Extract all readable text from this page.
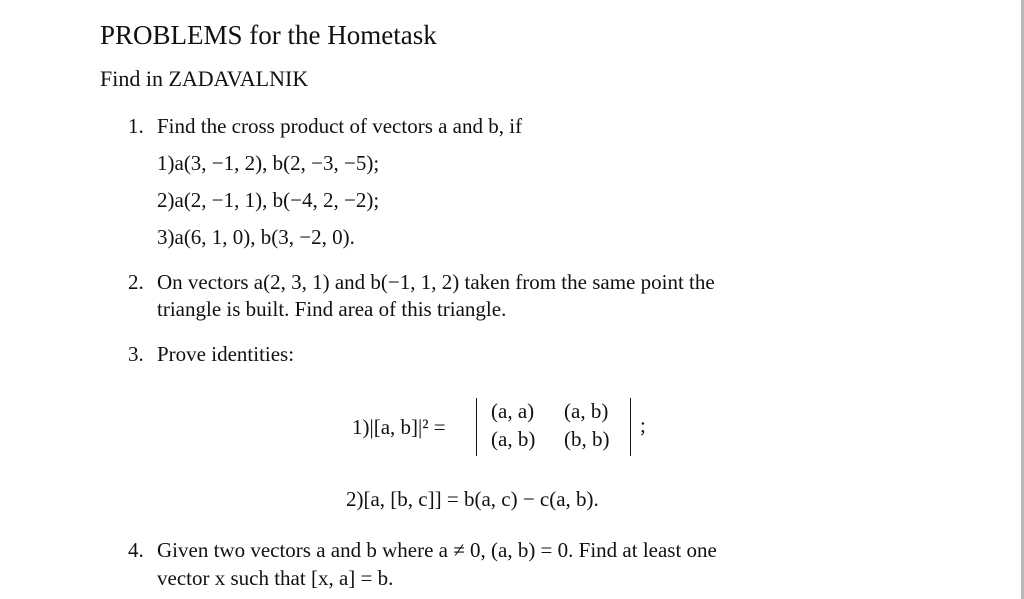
PROBLEMS for the Hometask
Find in ZADAVALNIK
1. Find the cross product of vectors a and b, if
1)a(3, −1, 2), b(2, −3, −5);
2)a(2, −1, 1), b(−4, 2, −2);
3)a(6, 1, 0), b(3, −2, 0).
2. On vectors a(2, 3, 1) and b(−1, 1, 2) taken from the same point the
triangle is built. Find area of this triangle.
3. Prove identities:
1)|[a, b]|² =
(a, a) (a, b)
(a, b) (b, b)
;
2)[a, [b, c]] = b(a, c) − c(a, b).
4. Given two vectors a and b where a ≠ 0, (a, b) = 0. Find at least one
vector x such that [x, a] = b.
